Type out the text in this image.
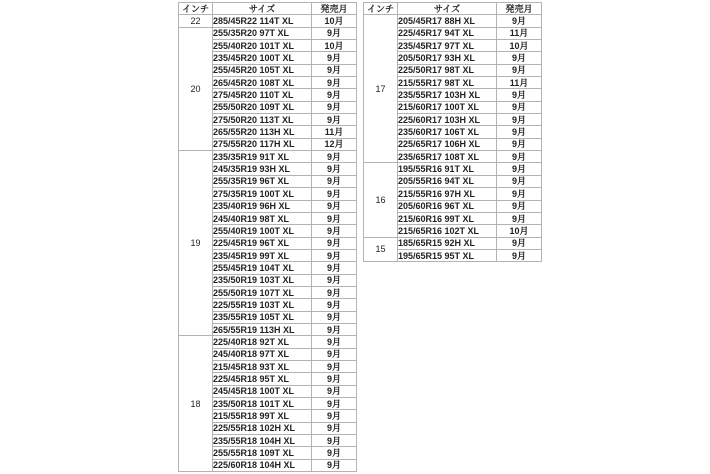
インチ	サイズ	発売月
22	285/45R22 114T XL	10月
20	255/35R20 97T XL	9月
	255/40R20 101T XL	10月
	235/45R20 100T XL	9月
	255/45R20 105T XL	9月
	265/45R20 108T XL	9月
	275/45R20 110T XL	9月
	255/50R20 109T XL	9月
	275/50R20 113T XL	9月
	265/55R20 113H XL	11月
	275/55R20 117H XL	12月
19	235/35R19 91T XL	9月
	245/35R19 93H XL	9月
	255/35R19 96T XL	9月
	275/35R19 100T XL	9月
	235/40R19 96H XL	9月
	245/40R19 98T XL	9月
	255/40R19 100T XL	9月
	225/45R19 96T XL	9月
	235/45R19 99T XL	9月
	255/45R19 104T XL	9月
	235/50R19 103T XL	9月
	255/50R19 107T XL	9月
	225/55R19 103T XL	9月
	235/55R19 105T XL	9月
	265/55R19 113H XL	9月
18	225/40R18 92T XL	9月
	245/40R18 97T XL	9月
	215/45R18 93T XL	9月
	225/45R18 95T XL	9月
	245/45R18 100T XL	9月
	235/50R18 101T XL	9月
	215/55R18 99T XL	9月
	225/55R18 102H XL	9月
	235/55R18 104H XL	9月
	255/55R18 109T XL	9月
	225/60R18 104H XL	9月
インチ	サイズ	発売月
17	205/45R17 88H XL	9月
	225/45R17 94T XL	11月
	235/45R17 97T XL	10月
	205/50R17 93H XL	9月
	225/50R17 98T XL	9月
	215/55R17 98T XL	11月
	235/55R17 103H XL	9月
	215/60R17 100T XL	9月
	225/60R17 103H XL	9月
	235/60R17 106T XL	9月
	225/65R17 106H XL	9月
	235/65R17 108T XL	9月
16	195/55R16 91T XL	9月
	205/55R16 94T XL	9月
	215/55R16 97H XL	9月
	205/60R16 96T XL	9月
	215/60R16 99T XL	9月
	215/65R16 102T XL	10月
15	185/65R15 92H XL	9月
	195/65R15 95T XL	9月
